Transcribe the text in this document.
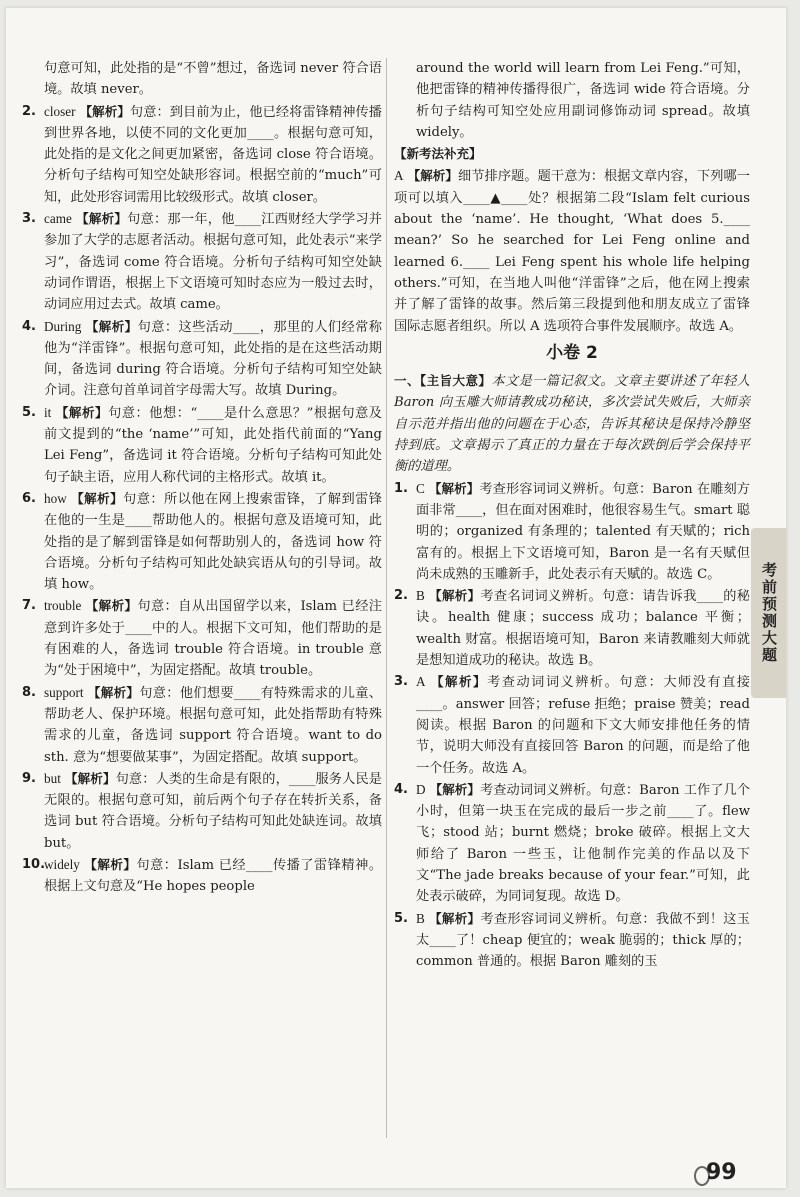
句意可知，此处指的是“不曾”想过，备选词 never 符合语境。故填 never。
2. closer 【解析】句意：到目前为止，他已经将雷锋精神传播到世界各地，以使不同的文化更加____。根据句意可知，此处指的是文化之间更加紧密，备选词 close 符合语境。分析句子结构可知空处缺形容词。根据空前的“much”可知，此处形容词需用比较级形式。故填 closer。
3. came 【解析】句意：那一年，他____江西财经大学学习并参加了大学的志愿者活动。根据句意可知，此处表示“来学习”，备选词 come 符合语境。分析句子结构可知空处缺动词作谓语，根据上下文语境可知时态应为一般过去时，动词应用过去式。故填 came。
4. During 【解析】句意：这些活动____，那里的人们经常称他为“洋雷锋”。根据句意可知，此处指的是在这些活动期间，备选词 during 符合语境。分析句子结构可知空处缺介词。注意句首单词首字母需大写。故填 During。
5. it 【解析】句意：他想：“____是什么意思？”根据句意及前文提到的“the ‘name’”可知，此处指代前面的“Yang Lei Feng”，备选词 it 符合语境。分析句子结构可知此处句子缺主语，应用人称代词的主格形式。故填 it。
6. how 【解析】句意：所以他在网上搜索雷锋，了解到雷锋在他的一生是____帮助他人的。根据句意及语境可知，此处指的是了解到雷锋是如何帮助别人的，备选词 how 符合语境。分析句子结构可知此处缺宾语从句的引导词。故填 how。
7. trouble 【解析】句意：自从出国留学以来，Islam 已经注意到许多处于____中的人。根据下文可知，他们帮助的是有困难的人，备选词 trouble 符合语境。in trouble 意为“处于困境中”，为固定搭配。故填 trouble。
8. support 【解析】句意：他们想要____有特殊需求的儿童、帮助老人、保护环境。根据句意可知，此处指帮助有特殊需求的儿童，备选词 support 符合语境。want to do sth. 意为“想要做某事”，为固定搭配。故填 support。
9. but 【解析】句意：人类的生命是有限的，____服务人民是无限的。根据句意可知，前后两个句子存在转折关系，备选词 but 符合语境。分析句子结构可知此处缺连词。故填 but。
10.
widely 【解析】句意：Islam 已经____传播了雷锋精神。根据上文句意及“He hopes people
around the world will learn from Lei Feng.”可知，他把雷锋的精神传播得很广，备选词 wide 符合语境。分析句子结构可知空处应用副词修饰动词 spread。故填 widely。
【新考法补充】
A 【解析】细节排序题。题干意为：根据文章内容，下列哪一项可以填入____▲____处？根据第二段“Islam felt curious about the ‘name’. He thought, ‘What does 5.____ mean?’ So he searched for Lei Feng online and learned 6.____ Lei Feng spent his whole life helping others.”可知，在当地人叫他“洋雷锋”之后，他在网上搜索并了解了雷锋的故事。然后第三段提到他和朋友成立了雷锋国际志愿者组织。所以 A 选项符合事件发展顺序。故选 A。
小卷 2
一、【主旨大意】本文是一篇记叙文。文章主要讲述了年轻人 Baron 向玉雕大师请教成功秘诀，多次尝试失败后，大师亲自示范并指出他的问题在于心态，告诉其秘诀是保持冷静坚持到底。文章揭示了真正的力量在于每次跌倒后学会保持平衡的道理。
1. C 【解析】考查形容词词义辨析。句意：Baron 在雕刻方面非常____，但在面对困难时，他很容易生气。smart 聪明的；organized 有条理的；talented 有天赋的；rich 富有的。根据上下文语境可知，Baron 是一名有天赋但尚未成熟的玉雕新手，此处表示有天赋的。故选 C。
2. B 【解析】考查名词词义辨析。句意：请告诉我____的秘诀。health 健康；success 成功；balance 平衡；wealth 财富。根据语境可知，Baron 来请教雕刻大师就是想知道成功的秘诀。故选 B。
3. A 【解析】考查动词词义辨析。句意：大师没有直接____。answer 回答；refuse 拒绝；praise 赞美；read 阅读。根据 Baron 的问题和下文大师安排他任务的情节，说明大师没有直接回答 Baron 的问题，而是给了他一个任务。故选 A。
4. D 【解析】考查动词词义辨析。句意：Baron 工作了几个小时，但第一块玉在完成的最后一步之前____了。flew 飞；stood 站；burnt 燃烧；broke 破碎。根据上文大师给了 Baron 一些玉，让他制作完美的作品以及下文“The jade breaks because of your fear.”可知，此处表示破碎，为同词复现。故选 D。
5. B 【解析】考查形容词词义辨析。句意：我做不到！这玉太____了！cheap 便宜的；weak 脆弱的；thick 厚的；common 普通的。根据 Baron 雕刻的玉
考前预测大题
99
